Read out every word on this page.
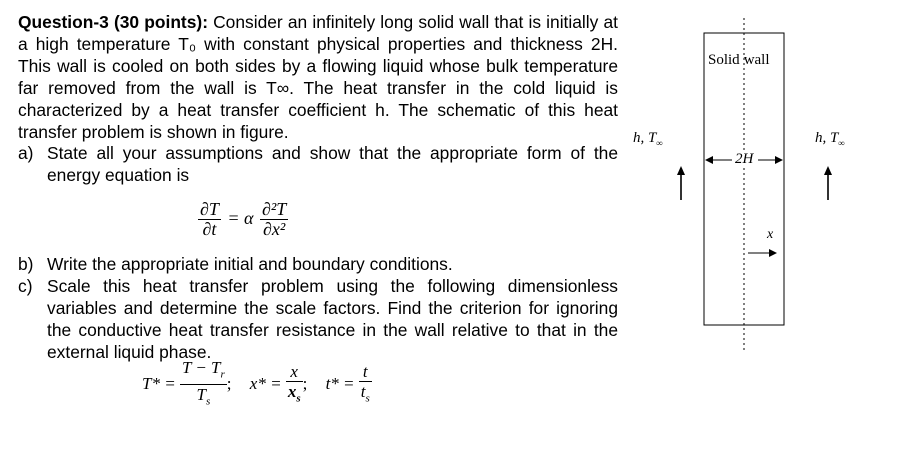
Question-3 (30 points): Consider an infinitely long solid wall that is initially at a high temperature T₀ with constant physical properties and thickness 2H. This wall is cooled on both sides by a flowing liquid whose bulk temperature far removed from the wall is T∞. The heat transfer in the cold liquid is characterized by a heat transfer coefficient h. The schematic of this heat transfer problem is shown in figure.

a) State all your assumptions and show that the appropriate form of the energy equation is
b) Write the appropriate initial and boundary conditions.
c) Scale this heat transfer problem using the following dimensionless variables and determine the scale factors. Find the criterion for ignoring the conductive heat transfer resistance in the wall relative to that in the external liquid phase.
$\frac{\partial T}{\partial t} = \alpha \frac{\text{∂²T}}{\text{∂x²}}$
$T* = \frac{T - T_r}{T_s}$ ; $x* = \frac{x}{x_s}$ ; $t* = \frac{t}{t_s}$
Solid wall
h, $T_\infty$	h, $T_\infty$
2H
x
